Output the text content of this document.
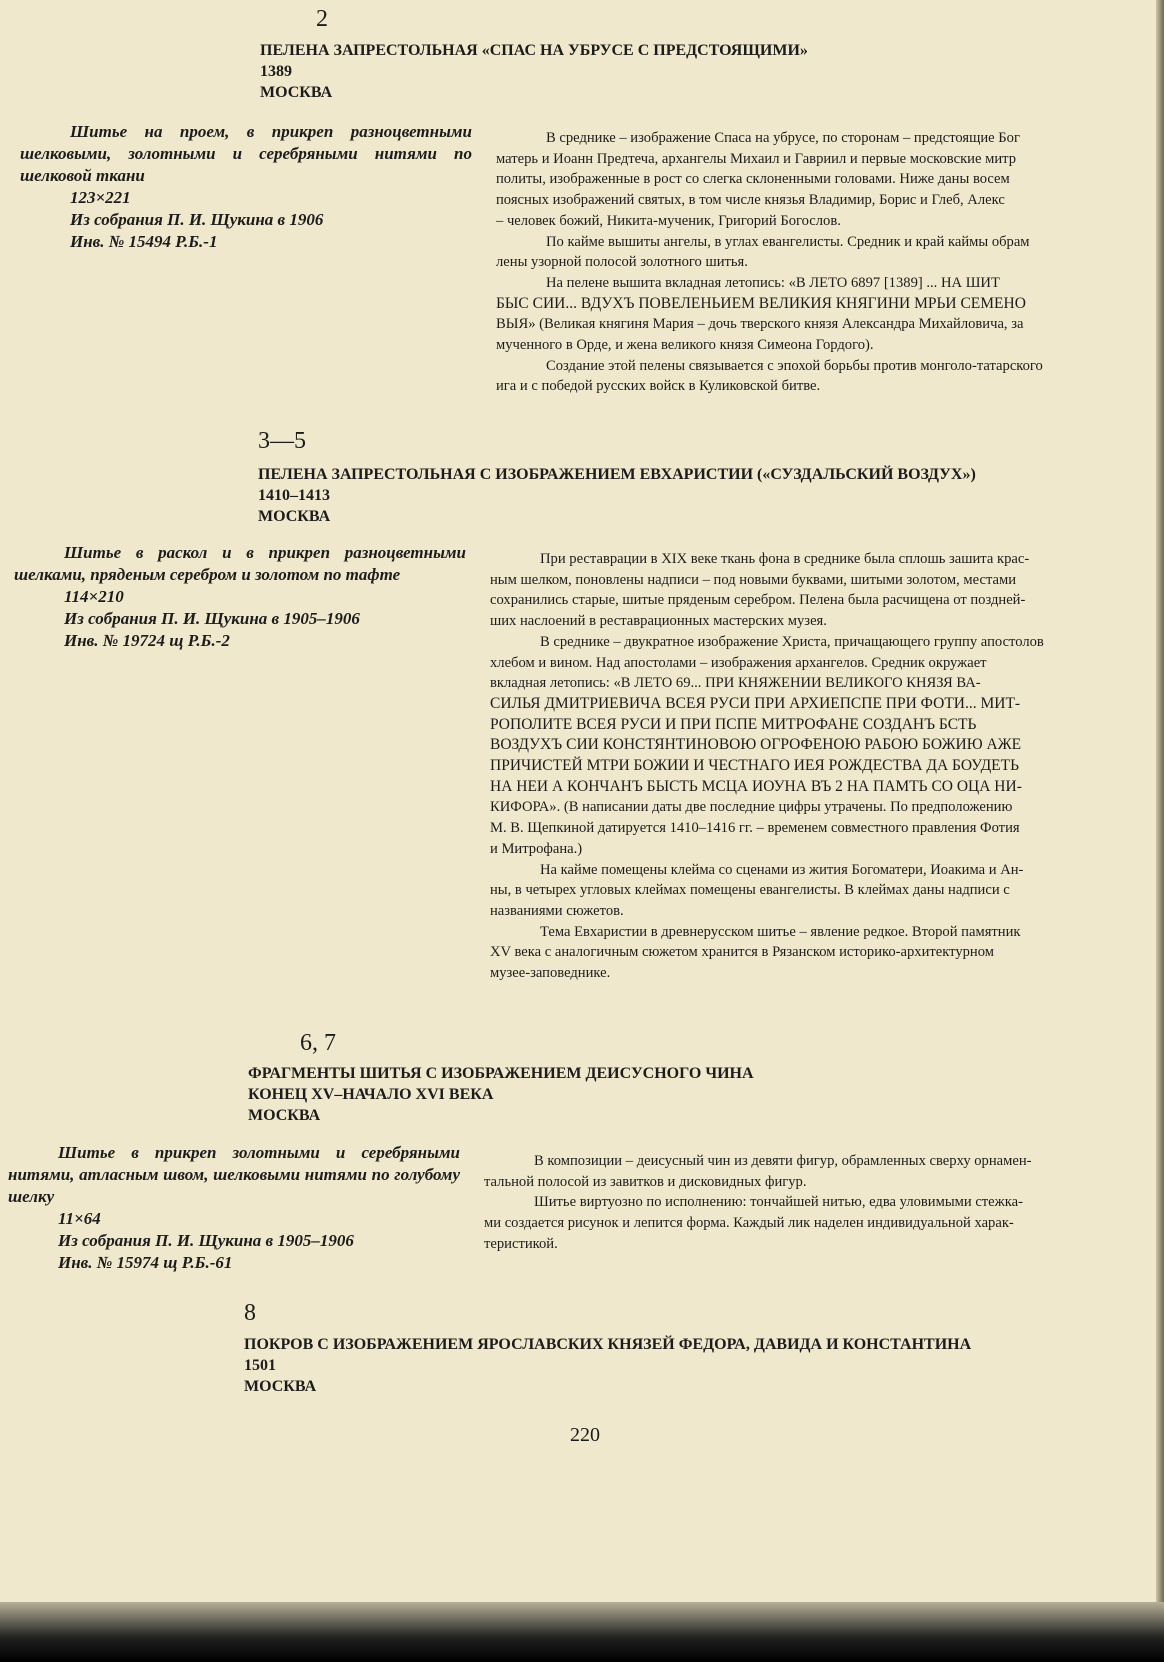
2
ПЕЛЕНА ЗАПРЕСТОЛЬНАЯ «СПАС НА УБРУСЕ С ПРЕДСТОЯЩИМИ»
1389
МОСКВА
Шитье на проем, в прикреп разноцветными шелковыми, золотными и серебряными нитями по шелковой ткани
123×221
Из собрания П. И. Щукина в 1906
Инв. № 15494 Р.Б.-1

В среднике – изображение Спаса на убрусе, по сторонам – предстоящие Бог

матерь и Иоанн Предтеча, архангелы Михаил и Гавриил и первые московские митр
политы, изображенные в рост со слегка склоненными головами. Ниже даны восем
поясных изображений святых, в том числе князья Владимир, Борис и Глеб, Алекс
– человек божий, Никита-мученик, Григорий Богослов.

По кайме вышиты ангелы, в углах евангелисты. Средник и край каймы обрам

лены узорной полосой золотного шитья.

На пелене вышита вкладная летопись: «В ЛЕТО 6897 [1389] ... НА ШИТ

БЫС СИИ... ВДУХЪ ПОВЕЛЕНЬИЕМ ВЕЛИКИЯ КНЯГИНИ МРЬИ СЕМЕНО
ВЫЯ» (Великая княгиня Мария – дочь тверского князя Александра Михайловича, за
мученного в Орде, и жена великого князя Симеона Гордого).

Создание этой пелены связывается с эпохой борьбы против монголо-татарского

ига и с победой русских войск в Куликовской битве.
3—5
ПЕЛЕНА ЗАПРЕСТОЛЬНАЯ С ИЗОБРАЖЕНИЕМ ЕВХАРИСТИИ («СУЗДАЛЬСКИЙ ВОЗДУХ»)
1410–1413
МОСКВА
Шитье в раскол и в прикреп разноцветными шелками, пряденым серебром и золотом по тафте
114×210
Из собрания П. И. Щукина в 1905–1906
Инв. № 19724 щ Р.Б.-2

При реставрации в XIX веке ткань фона в среднике была сплошь зашита крас-

ным шелком, поновлены надписи – под новыми буквами, шитыми золотом, местами
сохранились старые, шитые пряденым серебром. Пелена была расчищена от поздней-
ших наслоений в реставрационных мастерских музея.

В среднике – двукратное изображение Христа, причащающего группу апостолов

хлебом и вином. Над апостолами – изображения архангелов. Средник окружает
вкладная летопись: «В ЛЕТО 69... ПРИ КНЯЖЕНИИ ВЕЛИКОГО КНЯЗЯ ВА-
СИЛЬЯ ДМИТРИЕВИЧА ВСЕЯ РУСИ ПРИ АРХИЕПСПЕ ПРИ ФОТИ... МИТ-
РОПОЛИТЕ ВСЕЯ РУСИ И ПРИ ПСПЕ МИТРОФАНЕ СОЗДАНЪ БСТЬ
ВОЗДУХЪ СИИ КОНСТЯНТИНОВОЮ ОГРОФЕНОЮ РАБОЮ БОЖИЮ АЖЕ
ПРИЧИСТЕЙ МТРИ БОЖИИ И ЧЕСТНАГО ИЕЯ РОЖДЕСТВА ДА БОУДЕТЬ
НА НЕИ А КОНЧАНЪ БЫСТЬ МСЦА ИОУНА ВЪ 2 НА ПАМТЬ СО ОЦА НИ-
КИФОРА». (В написании даты две последние цифры утрачены. По предположению
М. В. Щепкиной датируется 1410–1416 гг. – временем совместного правления Фотия
и Митрофана.)

На кайме помещены клейма со сценами из жития Богоматери, Иоакима и Ан-

ны, в четырех угловых клеймах помещены евангелисты. В клеймах даны надписи с
названиями сюжетов.

Тема Евхаристии в древнерусском шитье – явление редкое. Второй памятник

XV века с аналогичным сюжетом хранится в Рязанском историко-архитектурном
музее-заповеднике.
6, 7
ФРАГМЕНТЫ ШИТЬЯ С ИЗОБРАЖЕНИЕМ ДЕИСУСНОГО ЧИНА
КОНЕЦ XV–НАЧАЛО XVI ВЕКА
МОСКВА
Шитье в прикреп золотными и серебряными нитями, атласным швом, шелковыми нитями по голубому шелку
11×64
Из собрания П. И. Щукина в 1905–1906
Инв. № 15974 щ Р.Б.-61

В композиции – деисусный чин из девяти фигур, обрамленных сверху орнамен-

тальной полосой из завитков и дисковидных фигур.

Шитье виртуозно по исполнению: тончайшей нитью, едва уловимыми стежка-

ми создается рисунок и лепится форма. Каждый лик наделен индивидуальной харак-
теристикой.
8
ПОКРОВ С ИЗОБРАЖЕНИЕМ ЯРОСЛАВСКИХ КНЯЗЕЙ ФЕДОРА, ДАВИДА И КОНСТАНТИНА
1501
МОСКВА
220
